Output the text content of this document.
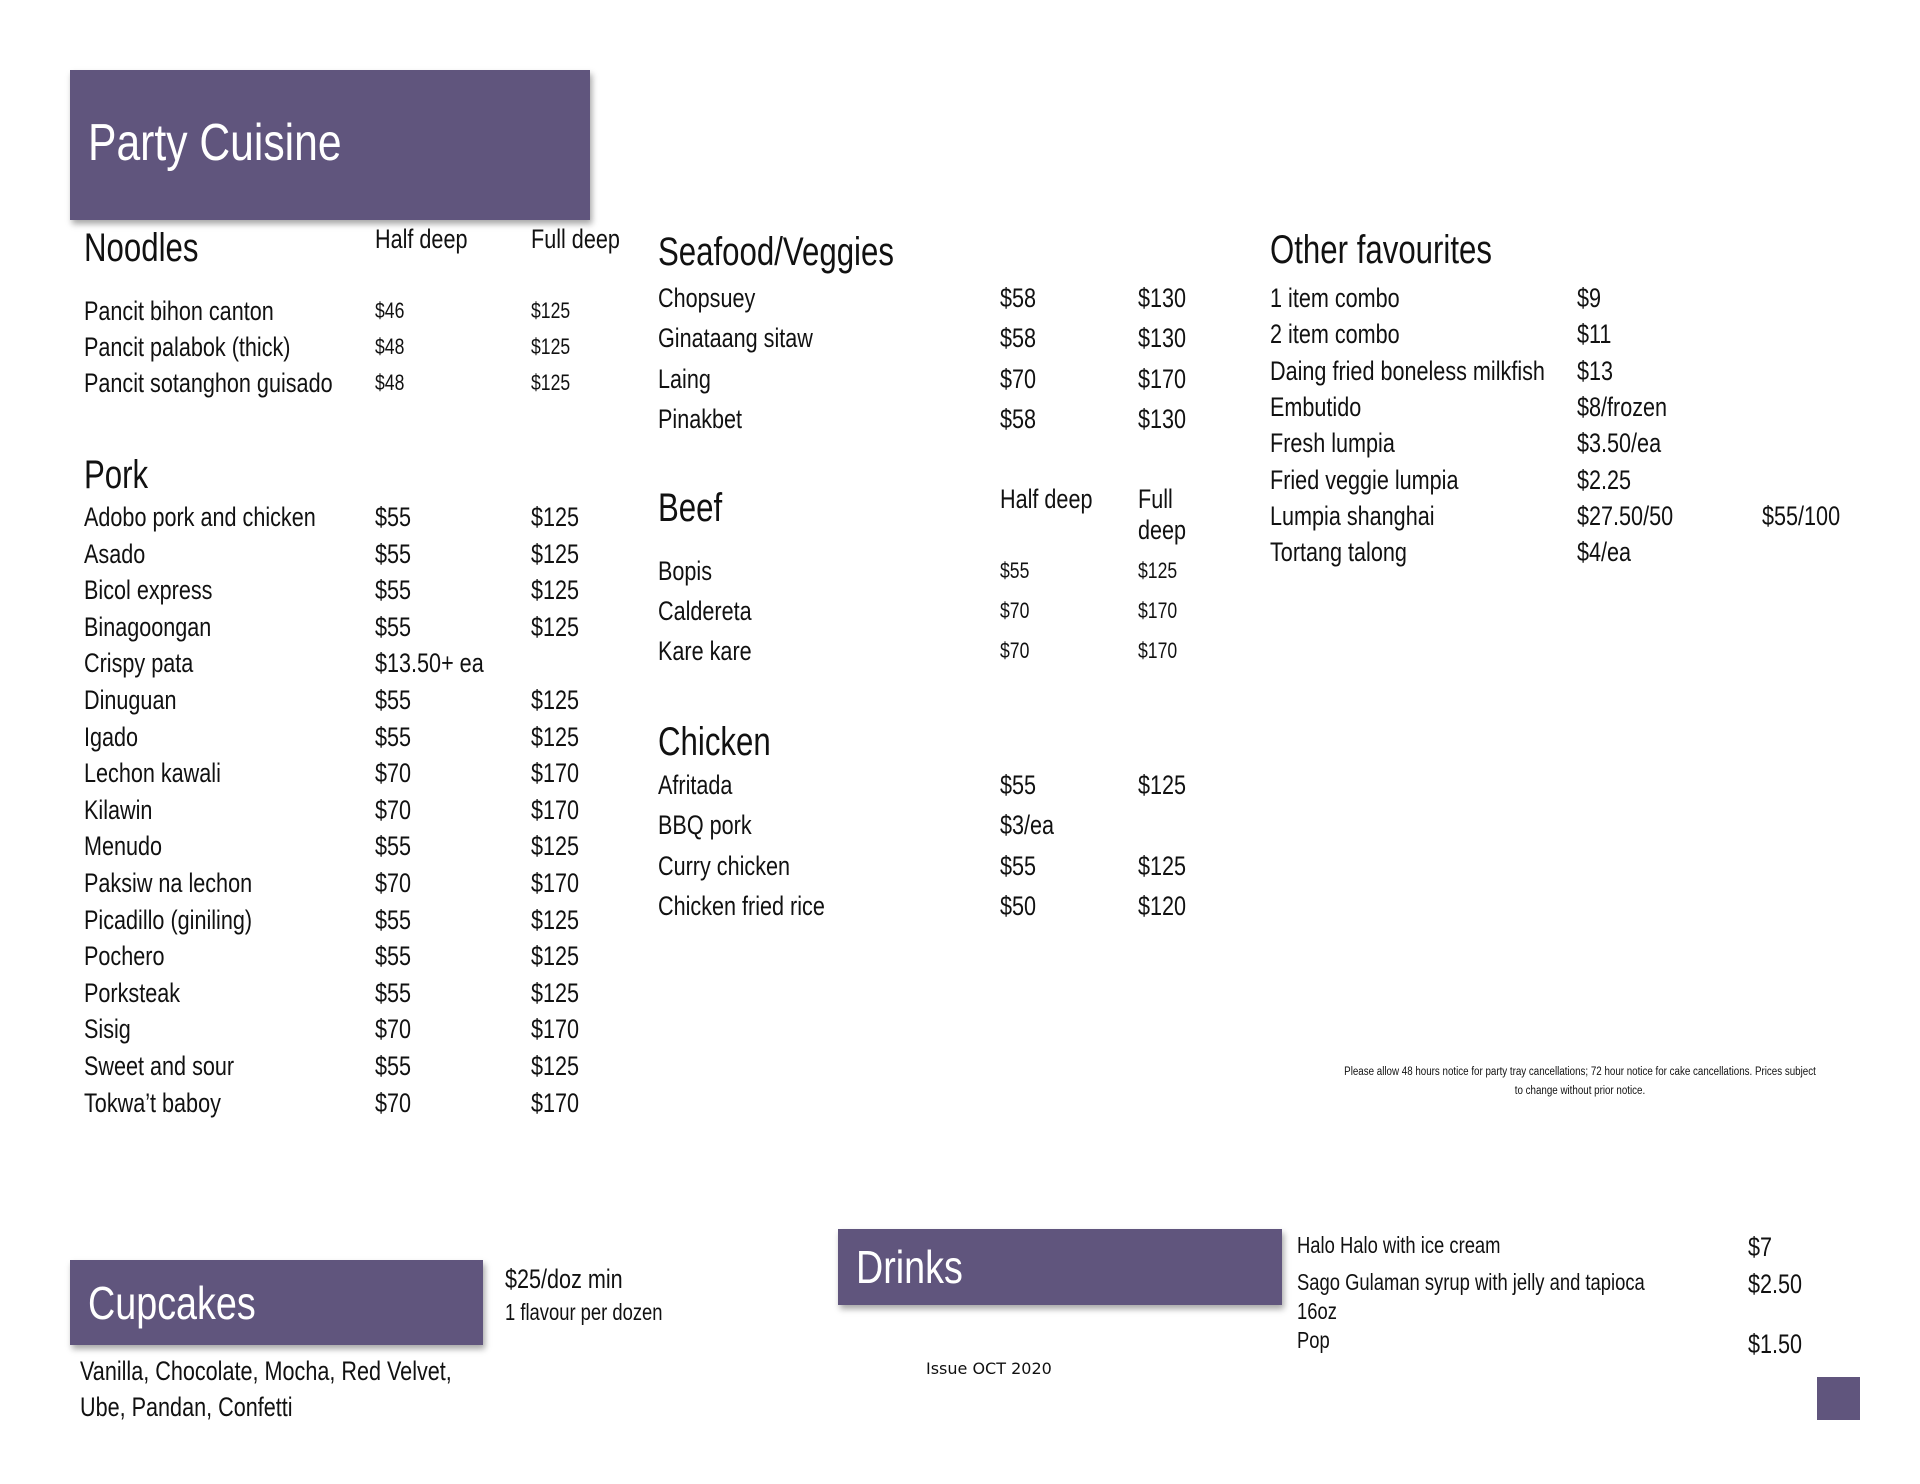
Party Cuisine
Noodles	Half deep Full deep
Pancit bihon canton	$46	$125
Pancit palabok (thick)	$48	$125
Pancit sotanghon guisado $48	$125
Pork
Adobo pork and chicken $55	$125
Asado	$55	$125
Bicol express	$55	$125
Binagoongan	$55	$125
Crispy pata	$13.50+ ea
Dinuguan	$55	$125
Igado	$55	$125
Lechon kawali	$70	$170
Kilawin	$70	$170
Menudo	$55	$125
Paksiw na lechon	$70	$170
Picadillo (giniling)	$55	$125
Pochero	$55	$125
Porksteak	$55	$125
Sisig	$70	$170
Sweet and sour	$55	$125
Tokwa’t baboy	$70	$170
Seafood/Veggies
Chopsuey	$58	$130
Ginataang sitaw	$58	$130
Laing	$70	$170
Pinakbet	$58	$130
Beef	Half deep Full
deep
Bopis	$55	$125
Caldereta	$70	$170
Kare kare	$70	$170
Chicken
Afritada	$55	$125
BBQ pork	$3/ea
Curry chicken	$55	$125
Chicken fried rice	$50	$120
Other favourites
1 item combo	$9
2 item combo	$11
Daing fried boneless milkfish $13
Embutido	$8/frozen
Fresh lumpia	$3.50/ea
Fried veggie lumpia	$2.25
Lumpia shanghai	$27.50/50	$55/100
Tortang talong	$4/ea
Please allow 48 hours notice for party tray cancellations; 72 hour notice for cake cancellations. Prices subject to change without prior notice.
Cupcakes	$25/doz min
1 flavour per dozen
Vanilla, Chocolate, Mocha, Red Velvet,
Ube, Pandan, Confetti
Drinks	Halo Halo with ice cream	$7
Sago Gulaman syrup with jelly and tapioca	$2.50
16oz
Pop	$1.50
Issue OCT 2020
